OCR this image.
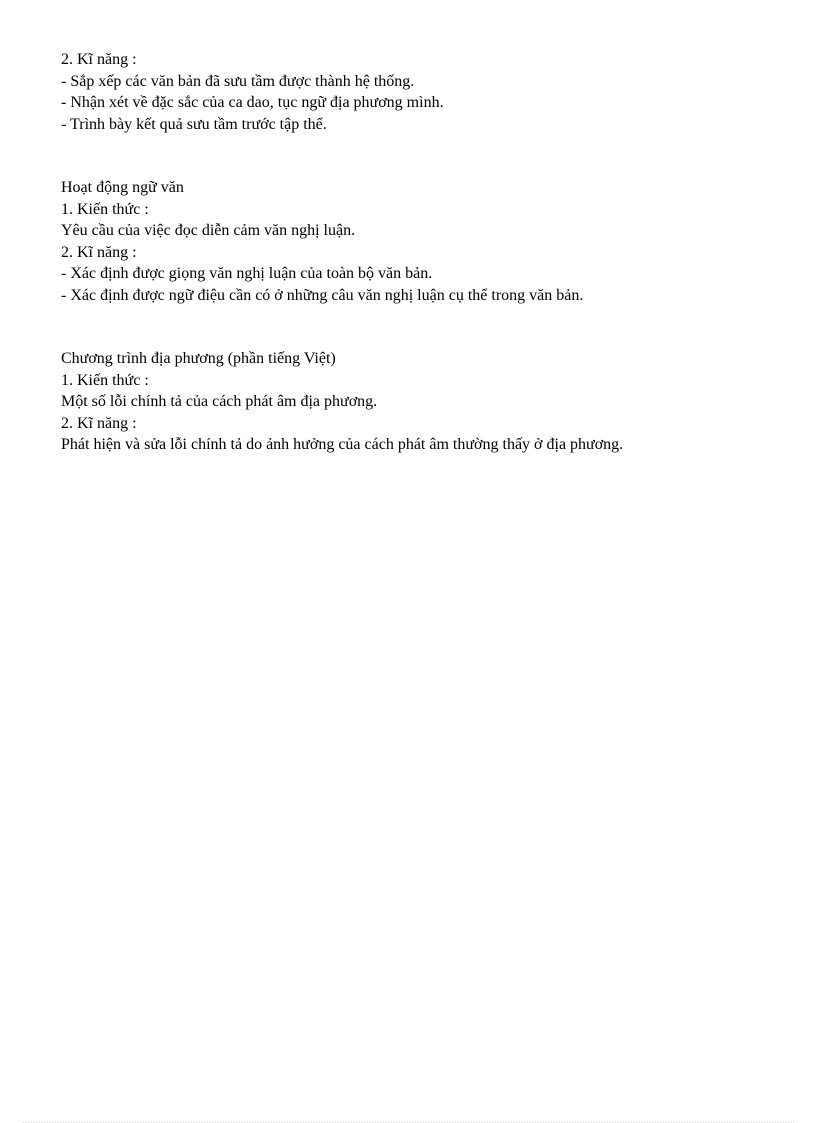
2. Kĩ năng :

- Sắp xếp các văn bản đã sưu tầm được thành hệ thống.

- Nhận xét về đặc sắc của ca dao, tục ngữ địa phương mình.

- Trình bày kết quả sưu tầm trước tập thể.

Hoạt động ngữ văn

1. Kiến thức :

Yêu cầu của việc đọc diễn cảm văn nghị luận.

2. Kĩ năng :

- Xác định được giọng văn nghị luận của toàn bộ văn bản.

- Xác định được ngữ điệu cần có ở những câu văn nghị luận cụ thể trong văn bản.

Chương trình địa phương (phần tiếng Việt)

1. Kiến thức :

Một số lỗi chính tả của cách phát âm địa phương.

2. Kĩ năng :

Phát hiện và sửa lỗi chính tả do ảnh hưởng của cách phát âm thường thấy ở địa phương.
